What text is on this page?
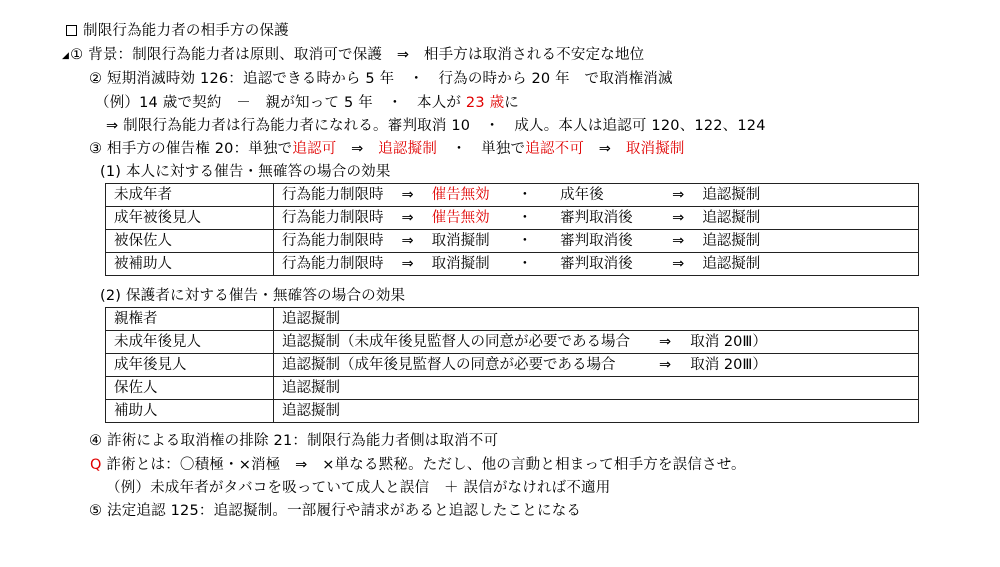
制限行為能力者の相手方の保護
◢① 背景：制限行為能力者は原則、取消可で保護　⇒　相手方は取消される不安定な地位
② 短期消滅時効 126：追認できる時から 5 年　・　行為の時から 20 年　で取消権消滅
（例）14 歳で契約　－　親が知って 5 年　・　本人が 23 歳に
⇒ 制限行為能力者は行為能力者になれる。審判取消 10　・　成人。本人は追認可 120、122、124
③ 相手方の催告権 20：単独で追認可　⇒　追認擬制　・　単独で追認不可　⇒　取消擬制
(1) 本人に対する催告・無確答の場合の効果
未成年者	行為能力制限時 ⇒ 催告無効 ・ 成年後 ⇒ 追認擬制
成年被後見人	行為能力制限時 ⇒ 催告無効 ・ 審判取消後 ⇒ 追認擬制
被保佐人	行為能力制限時 ⇒ 取消擬制 ・ 審判取消後 ⇒ 追認擬制
被補助人	行為能力制限時 ⇒ 取消擬制 ・ 審判取消後 ⇒ 追認擬制
(2) 保護者に対する催告・無確答の場合の効果
親権者	追認擬制
未成年後見人	追認擬制（未成年後見監督人の同意が必要である場合　　⇒　 取消 20Ⅲ）
成年後見人	追認擬制（成年後見監督人の同意が必要である場合　　　⇒　 取消 20Ⅲ）
保佐人	追認擬制
補助人	追認擬制
④ 詐術による取消権の排除 21：制限行為能力者側は取消不可
Q 詐術とは：〇積極・×消極　⇒　×単なる黙秘。ただし、他の言動と相まって相手方を誤信させ。
（例）未成年者がタバコを吸っていて成人と誤信　＋ 誤信がなければ不適用
⑤ 法定追認 125：追認擬制。一部履行や請求があると追認したことになる
